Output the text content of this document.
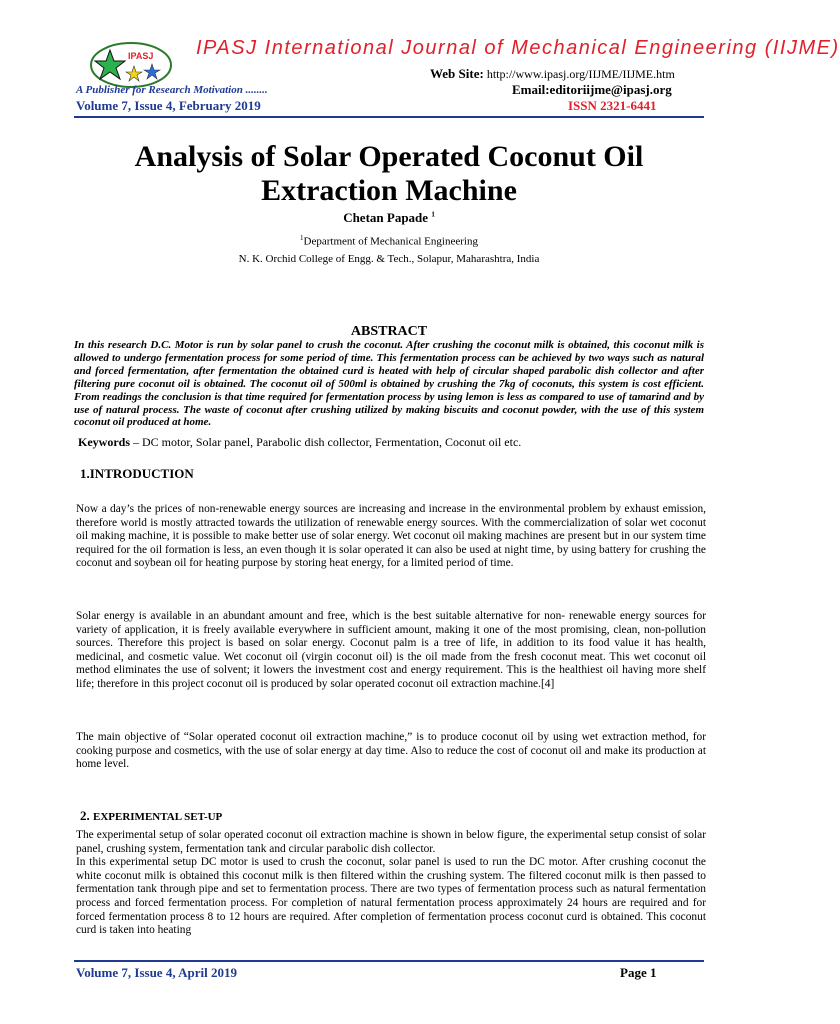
IPASJ IPASJ International Journal of Mechanical Engineering (IIJME)
Web Site: http://www.ipasj.org/IIJME/IIJME.htm
A Publisher for Research Motivation ........	Email:editoriijme@ipasj.org
Volume 7, Issue 4, February 2019	ISSN 2321-6441
Analysis of Solar Operated Coconut Oil Extraction Machine
Chetan Papade $^1$
$^1$Department of Mechanical Engineering
N. K. Orchid College of Engg. & Tech., Solapur, Maharashtra, India
ABSTRACT
In this research D.C. Motor is run by solar panel to crush the coconut. After crushing the coconut milk is obtained, this coconut milk is allowed to undergo fermentation process for some period of time. This fermentation process can be achieved by two ways such as natural and forced fermentation, after fermentation the obtained curd is heated with help of circular shaped parabolic dish collector and after filtering pure coconut oil is obtained. The coconut oil of 500ml is obtained by crushing the 7kg of coconuts, this system is cost efficient. From readings the conclusion is that time required for fermentation process by using lemon is less as compared to use of tamarind and by use of natural process. The waste of coconut after crushing utilized by making biscuits and coconut powder, with the use of this system coconut oil produced at home.
Keywords – DC motor, Solar panel, Parabolic dish collector, Fermentation, Coconut oil etc.
1.INTRODUCTION
Now a day’s the prices of non-renewable energy sources are increasing and increase in the environmental problem by exhaust emission, therefore world is mostly attracted towards the utilization of renewable energy sources. With the commercialization of solar wet coconut oil making machine, it is possible to make better use of solar energy. Wet coconut oil making machines are present but in our system time required for the oil formation is less, an even though it is solar operated it can also be used at night time, by using battery for crushing the coconut and soybean oil for heating purpose by storing heat energy, for a limited period of time.
Solar energy is available in an abundant amount and free, which is the best suitable alternative for non- renewable energy sources for variety of application, it is freely available everywhere in sufficient amount, making it one of the most promising, clean, non-pollution sources. Therefore this project is based on solar energy. Coconut palm is a tree of life, in addition to its food value it has health, medicinal, and cosmetic value. Wet coconut oil (virgin coconut oil) is the oil made from the fresh coconut meat. This wet coconut oil method eliminates the use of solvent; it lowers the investment cost and energy requirement. This is the healthiest oil having more shelf life; therefore in this project coconut oil is produced by solar operated coconut oil extraction machine.[4]
The main objective of “Solar operated coconut oil extraction machine,” is to produce coconut oil by using wet extraction method, for cooking purpose and cosmetics, with the use of solar energy at day time. Also to reduce the cost of coconut oil and make its production at home level.
2. EXPERIMENTAL SET-UP
The experimental setup of solar operated coconut oil extraction machine is shown in below figure, the experimental setup consist of solar panel, crushing system, fermentation tank and circular parabolic dish collector.
In this experimental setup DC motor is used to crush the coconut, solar panel is used to run the DC motor. After crushing coconut the white coconut milk is obtained this coconut milk is then filtered within the crushing system. The filtered coconut milk is then passed to fermentation tank through pipe and set to fermentation process. There are two types of fermentation process such as natural fermentation process and forced fermentation process. For completion of natural fermentation process approximately 24 hours are required and for forced fermentation process 8 to 12 hours are required. After completion of fermentation process coconut curd is obtained. This coconut curd is taken into heating
Volume 7, Issue 4, April 2019	Page 1
